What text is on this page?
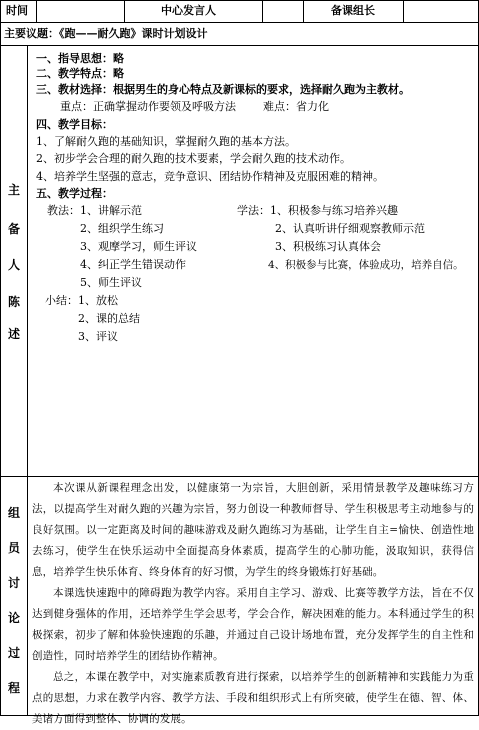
时间	中心发言人	备课组长
主要议题：《跑——耐久跑》课时计划设计
主
备
人
陈
述
组
员
讨
论
过
程
一、指导思想：略
二、教学特点：略
三、教材选择：根据男生的身心特点及新课标的要求，选择耐久跑为主教材。
重点：正确掌握动作要领及呼吸方法 难点：省力化
四、教学目标：
1、了解耐久跑的基础知识，掌握耐久跑的基本方法。
2、初步学会合理的耐久跑的技术要素，学会耐久跑的技术动作。
4、培养学生坚强的意志，竞争意识、团结协作精神及克服困难的精神。
五、教学过程：
教法： 1、讲解示范
2、组织学生练习
3、观摩学习，师生评议
4、纠正学生错误动作
5、师生评议
学法： 1、积极参与练习培养兴趣
2、认真听讲仔细观察教师示范
3、积极练习认真体会
4、积极参与比赛，体验成功，培养自信。
小结： 1、放松
2、课的总结
3、评议
本次课从新课程理念出发，以健康第一为宗旨，大胆创新，采用情景教学及趣味练习方法，以提高学生对耐久跑的兴趣为宗旨，努力创设一种教师督导、学生积极思考主动地参与的良好氛围。以一定距离及时间的趣味游戏及耐久跑练习为基础，让学生自主=愉快、创造性地去练习，使学生在快乐运动中全面提高身体素质，提高学生的心肺功能，汲取知识，获得信息，培养学生快乐体育、终身体育的好习惯，为学生的终身锻炼打好基础。
本课选快速跑中的障碍跑为教学内容。采用自主学习、游戏、比赛等教学方法，旨在不仅达到健身强体的作用，还培养学生学会思考，学会合作，解决困难的能力。本科通过学生的积极探索，初步了解和体验快速跑的乐趣，并通过自己设计场地布置，充分发挥学生的自主性和创造性，同时培养学生的团结协作精神。
总之，本课在教学中，对实施素质教育进行探索，以培养学生的创新精神和实践能力为重点的思想，力求在教学内容、教学方法、手段和组织形式上有所突破，使学生在德、智、体、美诸方面得到整体、协调的发展。
